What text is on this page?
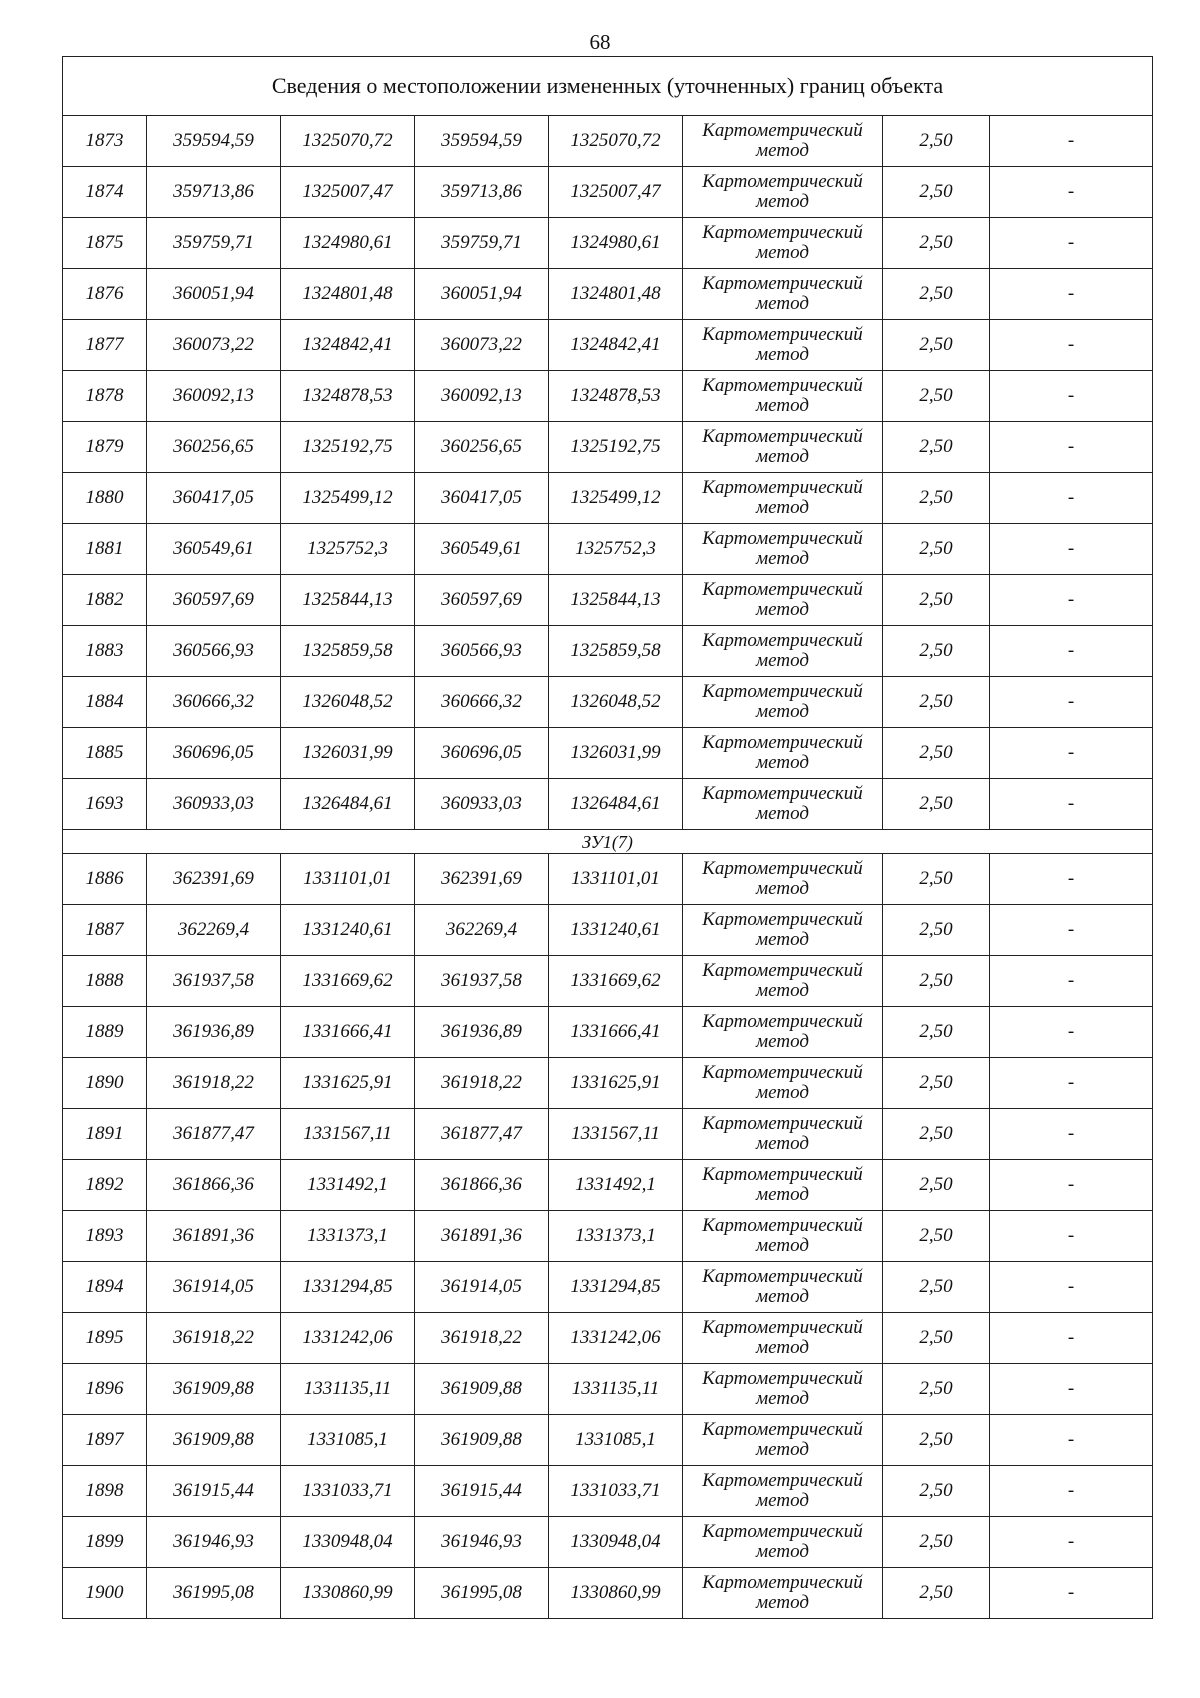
68
Сведения о местоположении измененных (уточненных) границ объекта							
1873	359594,59	1325070,72	359594,59	1325070,72	Картометрический метод	2,50	-
1874	359713,86	1325007,47	359713,86	1325007,47	Картометрический метод	2,50	-
1875	359759,71	1324980,61	359759,71	1324980,61	Картометрический метод	2,50	-
1876	360051,94	1324801,48	360051,94	1324801,48	Картометрический метод	2,50	-
1877	360073,22	1324842,41	360073,22	1324842,41	Картометрический метод	2,50	-
1878	360092,13	1324878,53	360092,13	1324878,53	Картометрический метод	2,50	-
1879	360256,65	1325192,75	360256,65	1325192,75	Картометрический метод	2,50	-
1880	360417,05	1325499,12	360417,05	1325499,12	Картометрический метод	2,50	-
1881	360549,61	1325752,3	360549,61	1325752,3	Картометрический метод	2,50	-
1882	360597,69	1325844,13	360597,69	1325844,13	Картометрический метод	2,50	-
1883	360566,93	1325859,58	360566,93	1325859,58	Картометрический метод	2,50	-
1884	360666,32	1326048,52	360666,32	1326048,52	Картометрический метод	2,50	-
1885	360696,05	1326031,99	360696,05	1326031,99	Картометрический метод	2,50	-
1693	360933,03	1326484,61	360933,03	1326484,61	Картометрический метод	2,50	-
ЗУ1(7)							
1886	362391,69	1331101,01	362391,69	1331101,01	Картометрический метод	2,50	-
1887	362269,4	1331240,61	362269,4	1331240,61	Картометрический метод	2,50	-
1888	361937,58	1331669,62	361937,58	1331669,62	Картометрический метод	2,50	-
1889	361936,89	1331666,41	361936,89	1331666,41	Картометрический метод	2,50	-
1890	361918,22	1331625,91	361918,22	1331625,91	Картометрический метод	2,50	-
1891	361877,47	1331567,11	361877,47	1331567,11	Картометрический метод	2,50	-
1892	361866,36	1331492,1	361866,36	1331492,1	Картометрический метод	2,50	-
1893	361891,36	1331373,1	361891,36	1331373,1	Картометрический метод	2,50	-
1894	361914,05	1331294,85	361914,05	1331294,85	Картометрический метод	2,50	-
1895	361918,22	1331242,06	361918,22	1331242,06	Картометрический метод	2,50	-
1896	361909,88	1331135,11	361909,88	1331135,11	Картометрический метод	2,50	-
1897	361909,88	1331085,1	361909,88	1331085,1	Картометрический метод	2,50	-
1898	361915,44	1331033,71	361915,44	1331033,71	Картометрический метод	2,50	-
1899	361946,93	1330948,04	361946,93	1330948,04	Картометрический метод	2,50	-
1900	361995,08	1330860,99	361995,08	1330860,99	Картометрический метод	2,50	-
